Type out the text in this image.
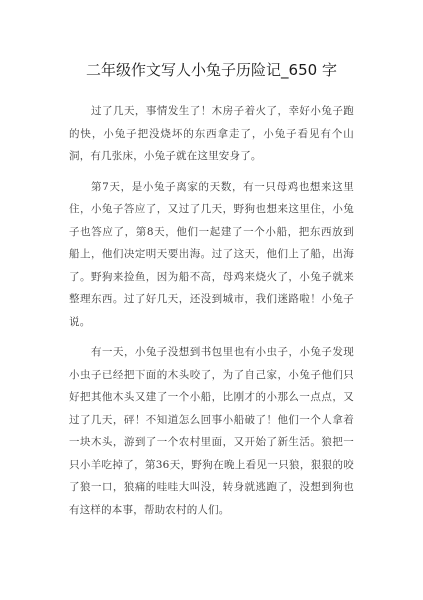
二年级作文写人小兔子历险记_650 字

过了几天，事情发生了！木房子着火了，幸好小兔子跑的快，小兔子把没烧坏的东西拿走了，小兔子看见有个山洞，有几张床，小兔子就在这里安身了。

第7天，是小兔子离家的天数，有一只母鸡也想来这里住，小兔子答应了，又过了几天，野狗也想来这里住，小兔子也答应了，第8天，他们一起建了一个小船，把东西放到船上，他们决定明天要出海。过了这天，他们上了船，出海了。野狗来捡鱼，因为船不高，母鸡来烧火了，小兔子就来整理东西。过了好几天，还没到城市，我们迷路啦！小兔子说。

有一天，小兔子没想到书包里也有小虫子，小兔子发现小虫子已经把下面的木头咬了，为了自己家，小兔子他们只好把其他木头又建了一个小船，比刚才的小那么一点点，又过了几天，砰！不知道怎么回事小船破了！他们一个人拿着一块木头，游到了一个农村里面，又开始了新生活。狼把一只小羊吃掉了，第36天，野狗在晚上看见一只狼，狠狠的咬了狼一口，狼痛的哇哇大叫没，转身就逃跑了，没想到狗也有这样的本事，帮助农村的人们。
